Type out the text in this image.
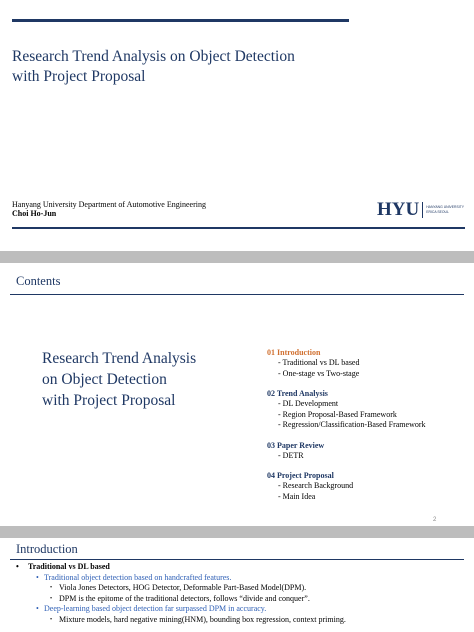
Research Trend Analysis on Object Detection
with Project Proposal
Hanyang University Department of Automotive Engineering
Choi Ho-Jun	HYU HANYANG UNIVERSITY
ERICA SEOUL
Contents
Research Trend Analysis
on Object Detection
with Project Proposal
01 Introduction
- Traditional vs DL based
- One-stage vs Two-stage
02 Trend Analysis
- DL Development
- Region Proposal-Based Framework
- Regression/Classification-Based Framework
03 Paper Review
- DETR
04 Project Proposal
- Research Background
- Main Idea
2
Introduction
• Traditional vs DL based
• Traditional object detection based on handcrafted features.
• Viola Jones Detectors, HOG Detector, Deformable Part-Based Model(DPM).
• DPM is the epitome of the traditional detectors, follows “divide and conquer”.
• Deep-learning based object detection far surpassed DPM in accuracy.
• Mixture models, hard negative mining(HNM), bounding box regression, context priming.
